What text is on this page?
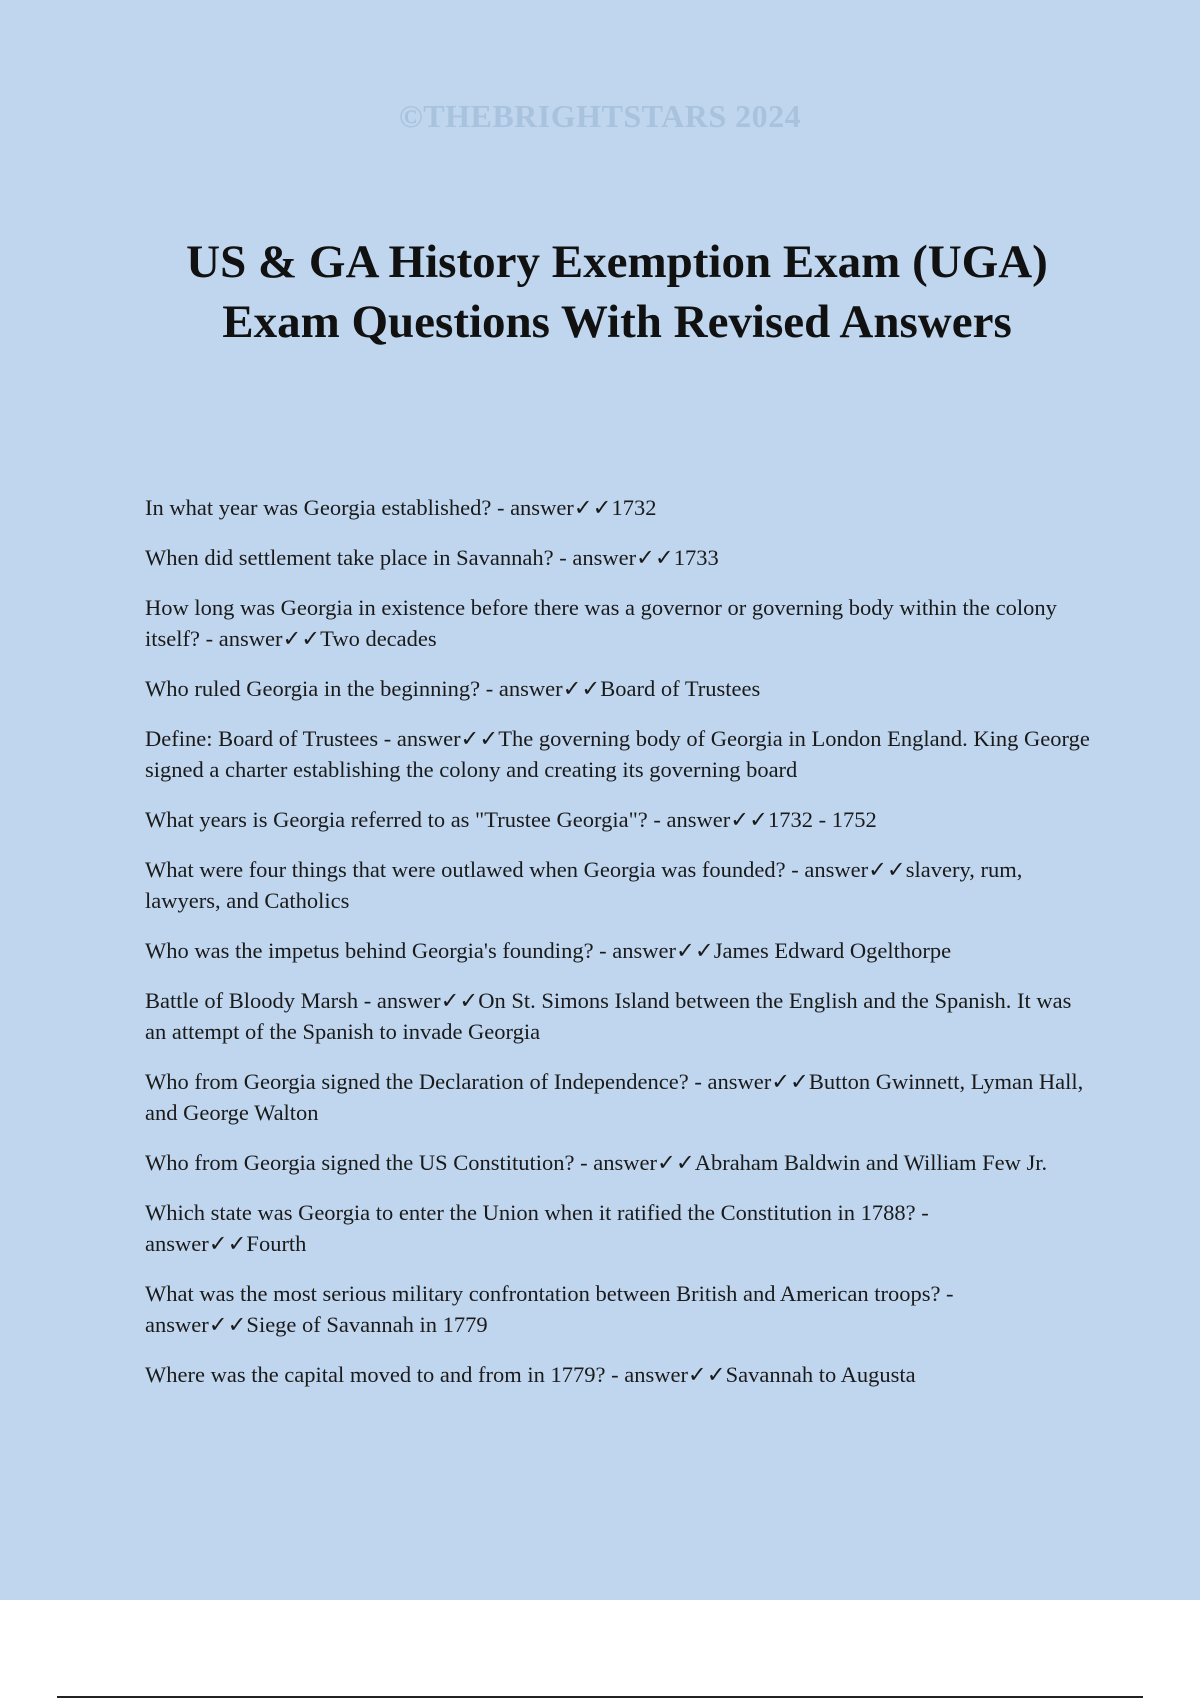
©THEBRIGHTSTARS 2024
US & GA History Exemption Exam (UGA)
Exam Questions With Revised Answers
In what year was Georgia established? - answer✓✓1732
When did settlement take place in Savannah? - answer✓✓1733
How long was Georgia in existence before there was a governor or governing body within the colony itself? - answer✓✓Two decades
Who ruled Georgia in the beginning? - answer✓✓Board of Trustees
Define: Board of Trustees - answer✓✓The governing body of Georgia in London England. King George signed a charter establishing the colony and creating its governing board
What years is Georgia referred to as "Trustee Georgia"? - answer✓✓1732 - 1752
What were four things that were outlawed when Georgia was founded? - answer✓✓slavery, rum, lawyers, and Catholics
Who was the impetus behind Georgia's founding? - answer✓✓James Edward Ogelthorpe
Battle of Bloody Marsh - answer✓✓On St. Simons Island between the English and the Spanish. It was an attempt of the Spanish to invade Georgia
Who from Georgia signed the Declaration of Independence? - answer✓✓Button Gwinnett, Lyman Hall, and George Walton
Who from Georgia signed the US Constitution? - answer✓✓Abraham Baldwin and William Few Jr.
Which state was Georgia to enter the Union when it ratified the Constitution in 1788? - answer✓✓Fourth
What was the most serious military confrontation between British and American troops? - answer✓✓Siege of Savannah in 1779
Where was the capital moved to and from in 1779? - answer✓✓Savannah to Augusta
